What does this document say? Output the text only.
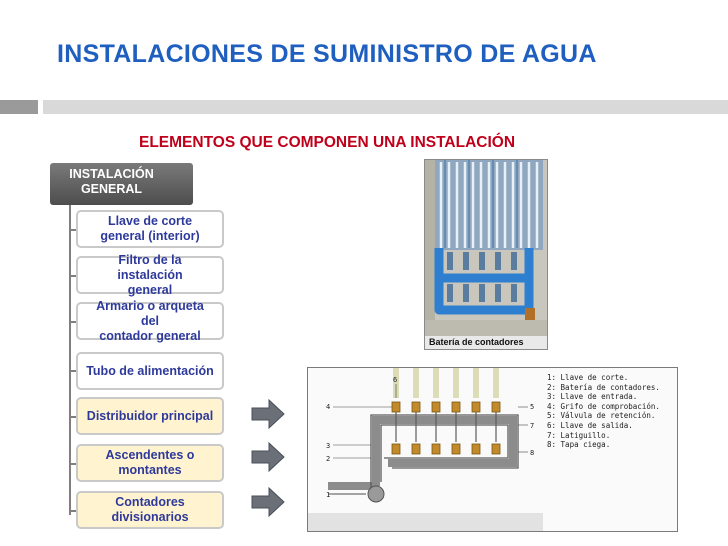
INSTALACIONES DE SUMINISTRO DE AGUA
ELEMENTOS QUE COMPONEN UNA INSTALACIÓN
INSTALACIÓN
GENERAL
Llave de corte
general (interior)
Filtro de la instalación
general
Armario o arqueta del
contador general
Tubo de alimentación
Distribuidor principal
Ascendentes o
montantes
Contadores
divisionarios
Batería de contadores
6
4	5
7
3
2
8
1
1: Llave de corte.
2: Batería de contadores.
3: Llave de entrada.
4: Grifo de comprobación.
5: Válvula de retención.
6: Llave de salida.
7: Latiguillo.
8: Tapa ciega.
